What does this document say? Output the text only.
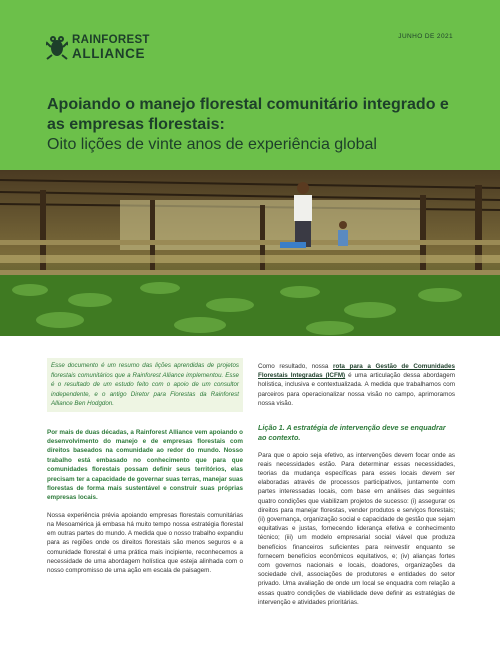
RAINFOREST
ALLIANCE
JUNHO DE 2021
Apoiando o manejo florestal comunitário integrado e as empresas florestais:
Oito lições de vinte anos de experiência global
Esse documento é um resumo das lições aprendidas de projetos florestais comunitários que a Rainforest Alliance implementou. Esse é o resultado de um estudo feito com o apoio de um consultor independente, e o antigo Diretor para Florestas da Rainforest Alliance Ben Hodgdon.
Por mais de duas décadas, a Rainforest Alliance vem apoiando o desenvolvimento do manejo e de empresas florestais com direitos baseados na comunidade ao redor do mundo. Nosso trabalho está embasado no conhecimento que para que comunidades florestais possam definir seus territórios, elas precisam ter a capacidade de governar suas terras, manejar suas florestas de forma mais sustentável e construir suas próprias empresas locais.
Nossa experiência prévia apoiando empresas florestais comunitárias na Mesoamérica já embasa há muito tempo nossa estratégia florestal em outras partes do mundo. A medida que o nosso trabalho expandiu para as regiões onde os direitos florestais são menos seguros e a comunidade florestal é uma prática mais incipiente, reconhecemos a necessidade de uma abordagem holística que esteja alinhada com o nosso compromisso de uma ação em escala de paisagem.
Como resultado, nossa rota para a Gestão de Comunidades Florestais Integradas (ICFM) é uma articulação dessa abordagem holística, inclusiva e contextualizada. A medida que trabalhamos com parceiros para operacionalizar nossa visão no campo, aprimoramos nossa visão.
Lição 1. A estratégia de intervenção deve se enquadrar ao contexto.
Para que o apoio seja efetivo, as intervenções devem focar onde as reais necessidades estão. Para determinar essas necessidades, teorias da mudança específicas para esses locais devem ser elaboradas através de processos participativos, juntamente com partes interessadas locais, com base em análises das seguintes quatro condições que viabilizam projetos de sucesso: (i) assegurar os direitos para manejar florestas, vender produtos e serviços florestais; (ii) governança, organização social e capacidade de gestão que sejam equitativas e justas, fornecendo liderança efetiva e conhecimento técnico; (iii) um modelo empresarial social viável que produza benefícios financeiros suficientes para reinvestir enquanto se fornecem benefícios econômicos equitativos, e; (iv) alianças fortes com governos nacionais e locais, doadores, organizações da sociedade civil, associações de produtores e entidades do setor privado. Uma avaliação de onde um local se enquadra com relação a essas quatro condições de viabilidade deve definir as estratégias de intervenção e atividades prioritárias.
